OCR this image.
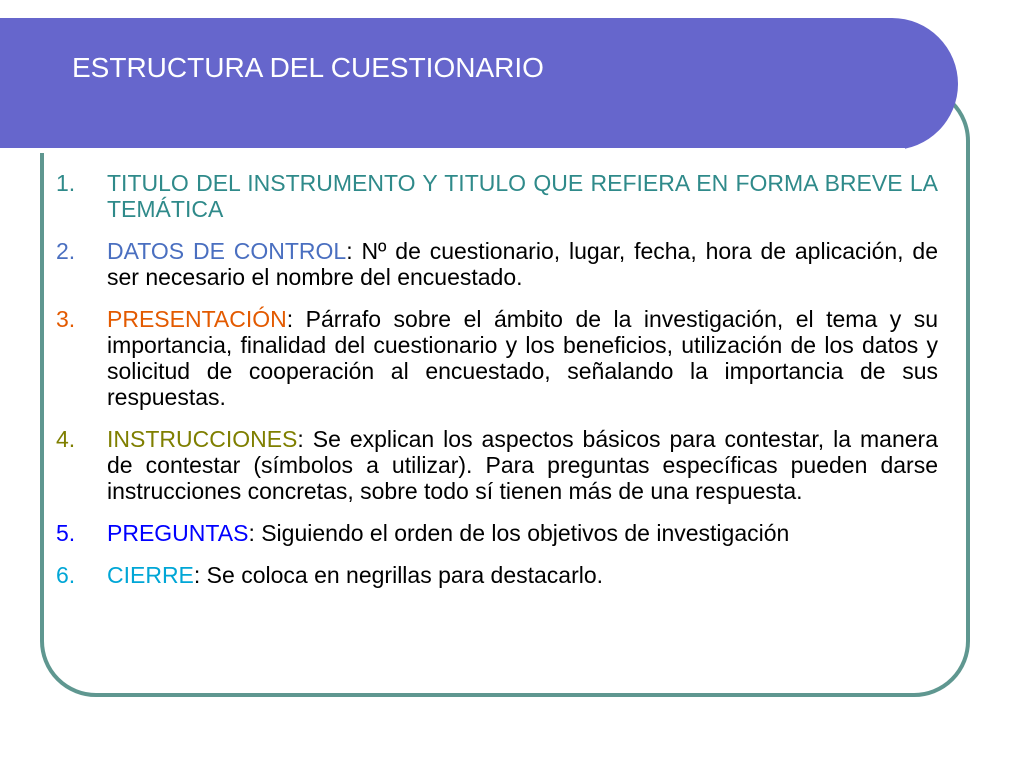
ESTRUCTURA DEL CUESTIONARIO
1. TITULO DEL INSTRUMENTO Y TITULO QUE REFIERA EN FORMA BREVE LA TEMÁTICA
2. DATOS DE CONTROL: Nº de cuestionario, lugar, fecha, hora de aplicación, de ser necesario el nombre del encuestado.
3. PRESENTACIÓN: Párrafo sobre el ámbito de la investigación, el tema y su importancia, finalidad del cuestionario y los beneficios, utilización de los datos y solicitud de cooperación al encuestado, señalando la importancia de sus respuestas.
4. INSTRUCCIONES: Se explican los aspectos básicos para contestar, la manera de contestar (símbolos a utilizar). Para preguntas específicas pueden darse instrucciones concretas, sobre todo sí tienen más de una respuesta.
5. PREGUNTAS: Siguiendo el orden de los objetivos de investigación
6. CIERRE: Se coloca en negrillas para destacarlo.
